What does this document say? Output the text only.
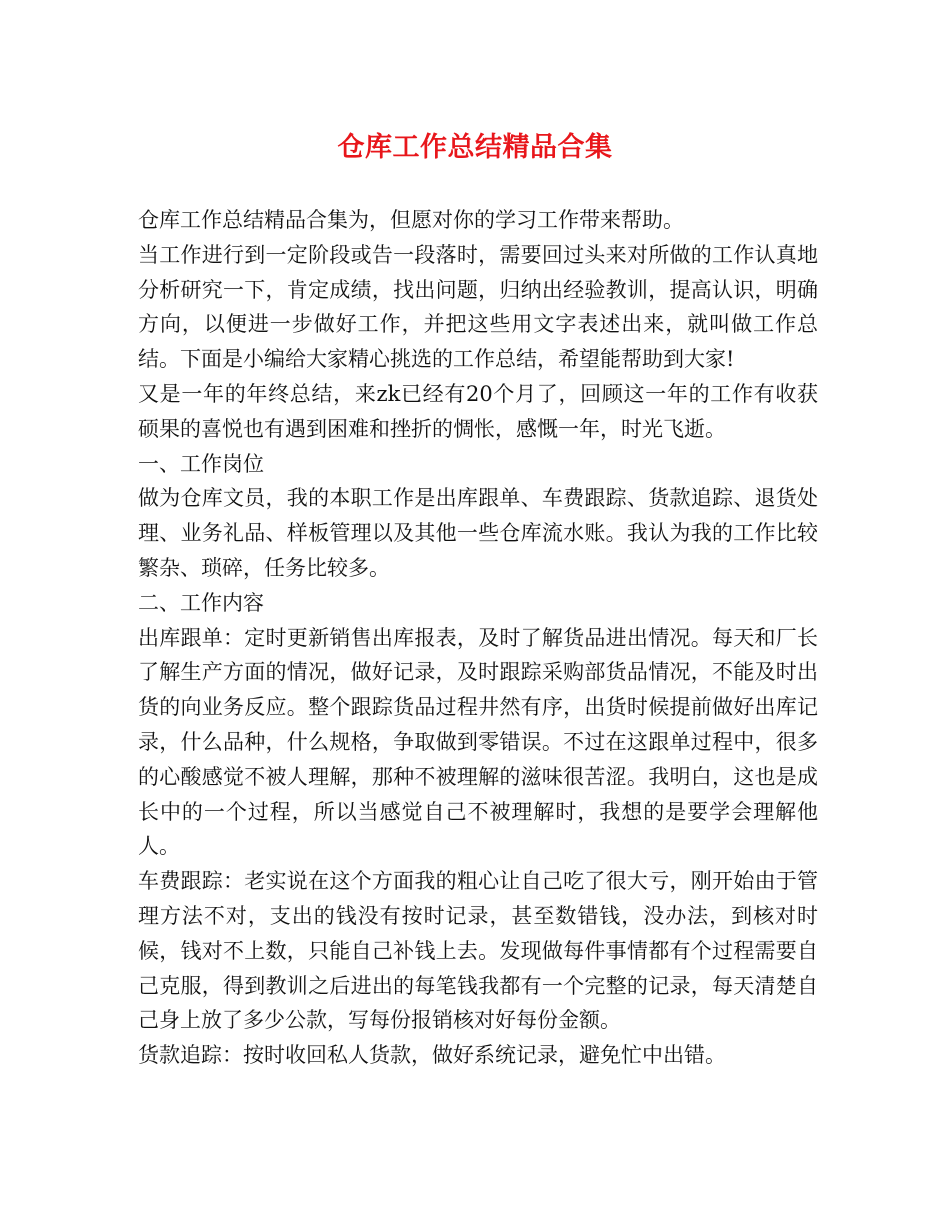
仓库工作总结精品合集

仓库工作总结精品合集为，但愿对你的学习工作带来帮助。

当工作进行到一定阶段或告一段落时，需要回过头来对所做的工作认真地分析研究一下，肯定成绩，找出问题，归纳出经验教训，提高认识，明确方向，以便进一步做好工作，并把这些用文字表述出来，就叫做工作总结。下面是小编给大家精心挑选的工作总结，希望能帮助到大家!

又是一年的年终总结，来zk已经有20个月了，回顾这一年的工作有收获硕果的喜悦也有遇到困难和挫折的惆怅，感慨一年，时光飞逝。

一、工作岗位

做为仓库文员，我的本职工作是出库跟单、车费跟踪、货款追踪、退货处理、业务礼品、样板管理以及其他一些仓库流水账。我认为我的工作比较繁杂、琐碎，任务比较多。

二、工作内容

出库跟单：定时更新销售出库报表，及时了解货品进出情况。每天和厂长了解生产方面的情况，做好记录，及时跟踪采购部货品情况，不能及时出货的向业务反应。整个跟踪货品过程井然有序，出货时候提前做好出库记录，什么品种，什么规格，争取做到零错误。不过在这跟单过程中，很多的心酸感觉不被人理解，那种不被理解的滋味很苦涩。我明白，这也是成长中的一个过程，所以当感觉自己不被理解时，我想的是要学会理解他人。

车费跟踪：老实说在这个方面我的粗心让自己吃了很大亏，刚开始由于管理方法不对，支出的钱没有按时记录，甚至数错钱，没办法，到核对时候，钱对不上数，只能自己补钱上去。发现做每件事情都有个过程需要自己克服，得到教训之后进出的每笔钱我都有一个完整的记录，每天清楚自己身上放了多少公款，写每份报销核对好每份金额。

货款追踪：按时收回私人货款，做好系统记录，避免忙中出错。
